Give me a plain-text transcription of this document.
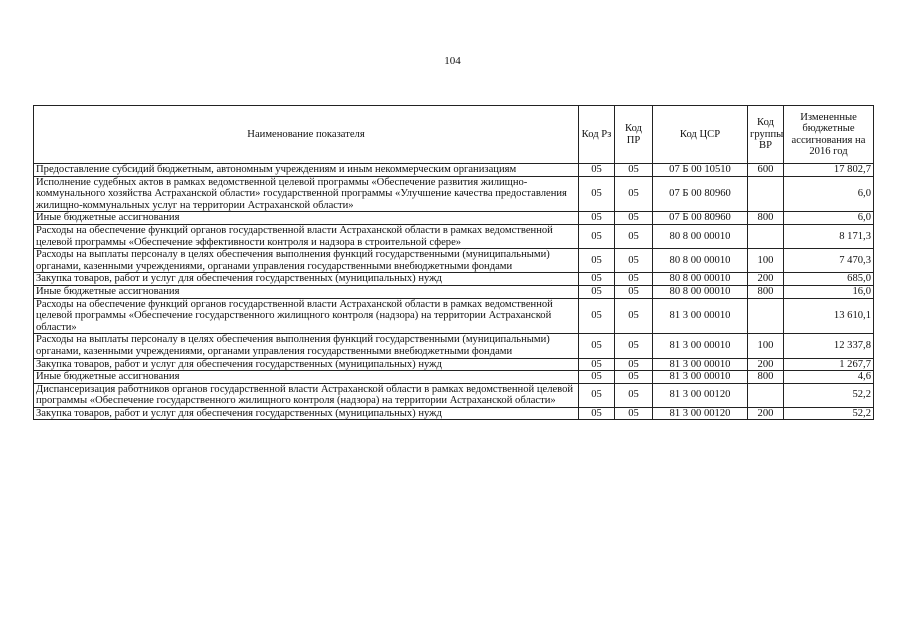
104
Наименование показателя	Код Рз	Код ПР	Код ЦСР	Код группы ВР	Измененные бюджетные ассигнования на 2016 год
Предоставление субсидий бюджетным, автономным учреждениям и иным некоммерческим организациям	05	05	07 Б 00 10510	600	17 802,7
Исполнение судебных актов в рамках ведомственной целевой программы «Обеспечение развития жилищно-коммунального хозяйства Астраханской области» государственной программы «Улучшение качества предоставления жилищно-коммунальных услуг на территории Астраханской области»	05	05	07 Б 00 80960		6,0
Иные бюджетные ассигнования	05	05	07 Б 00 80960	800	6,0
Расходы на обеспечение функций органов государственной власти Астраханской области в рамках ведомственной целевой программы «Обеспечение эффективности контроля и надзора в строительной сфере»	05	05	80 8 00 00010		8 171,3
Расходы на выплаты персоналу в целях обеспечения выполнения функций государственными (муниципальными) органами, казенными учреждениями, органами управления государственными внебюджетными фондами	05	05	80 8 00 00010	100	7 470,3
Закупка товаров, работ и услуг для обеспечения государственных (муниципальных) нужд	05	05	80 8 00 00010	200	685,0
Иные бюджетные ассигнования	05	05	80 8 00 00010	800	16,0
Расходы на обеспечение функций органов государственной власти Астраханской области в рамках ведомственной целевой программы «Обеспечение государственного жилищного контроля (надзора) на территории Астраханской области»	05	05	81 3 00 00010		13 610,1
Расходы на выплаты персоналу в целях обеспечения выполнения функций государственными (муниципальными) органами, казенными учреждениями, органами управления государственными внебюджетными фондами	05	05	81 3 00 00010	100	12 337,8
Закупка товаров, работ и услуг для обеспечения государственных (муниципальных) нужд	05	05	81 3 00 00010	200	1 267,7
Иные бюджетные ассигнования	05	05	81 3 00 00010	800	4,6
Диспансеризация работников органов государственной власти Астраханской области в рамках ведомственной целевой программы «Обеспечение государственного жилищного контроля (надзора) на территории Астраханской области»	05	05	81 3 00 00120		52,2
Закупка товаров, работ и услуг для обеспечения государственных (муниципальных) нужд	05	05	81 3 00 00120	200	52,2
